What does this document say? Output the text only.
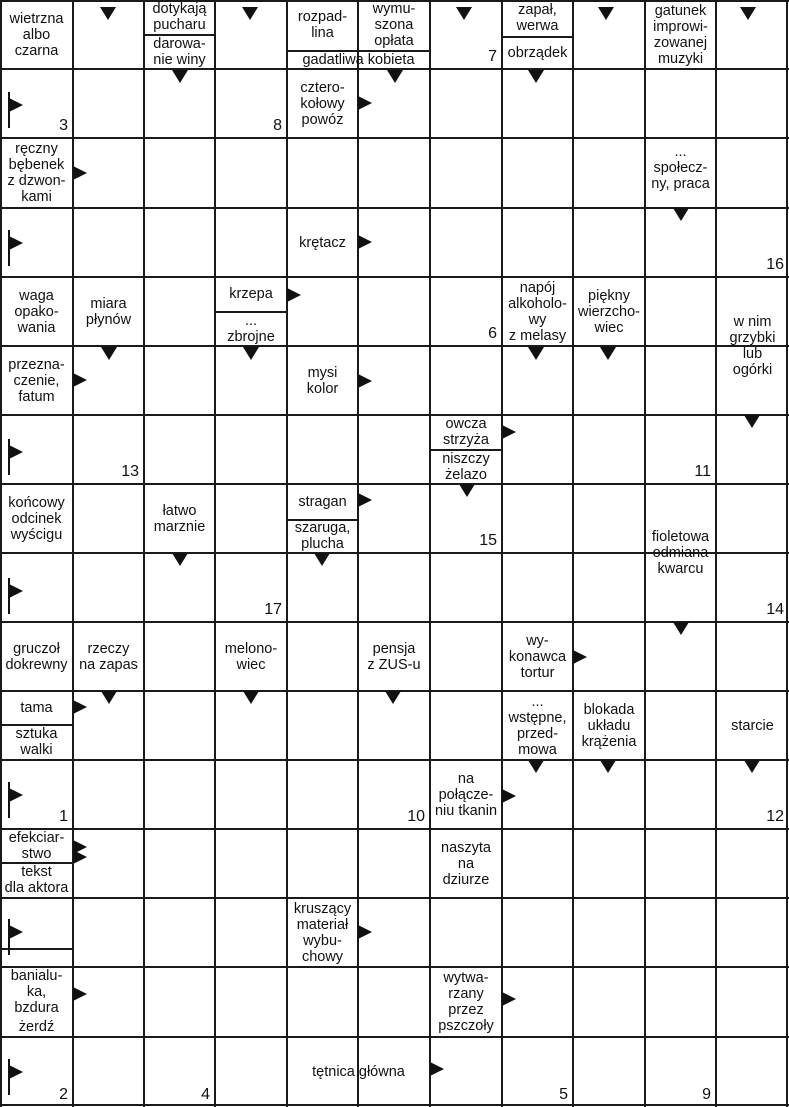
wietrzna
albo
czarna
dotykają
pucharu
darowa-
nie winy
rozpad-
lina
wymu-
szona
opłata
gadatliwa kobieta
zapał,
werwa
obrządek
gatunek
improwi-
zowanej
muzyki
cztero-
kołowy
powóz
ręczny
bębenek
z dzwon-
kami
...
społecz-
ny, praca
krętacz
waga
opako-
wania
miara
płynów
krzepa
...
zbrojne
napój
alkoholo-
wy
z melasy
piękny
wierzcho-
wiec	w nim
grzybki
lub
ogórki
przezna-
czenie,
fatum
mysi
kolor
owcza
strzyża
niszczy
żelazo
końcowy
odcinek
wyścigu
łatwo
marznie
stragan
szaruga,
plucha	fioletowa
odmiana
kwarcu
gruczoł
dokrewny
rzeczy
na zapas
melono-
wiec
pensja
z ZUS-u
wy-
konawca
tortur
tama
sztuka
walki
...
wstępne,
przed-
mowa
blokada
układu
krążenia
starcie
na
połącze-
niu tkanin
efekciar-
stwo
tekst
dla aktora
naszyta
na
dziurze
kruszący
materiał
wybu-
chowy
banialu-
ka,
bzdura
żerdź
wytwa-
rzany
przez
pszczoły
tętnica główna
7
3	8
16
6
13	11
15
17	14
1	10	12
2	4	5	9
